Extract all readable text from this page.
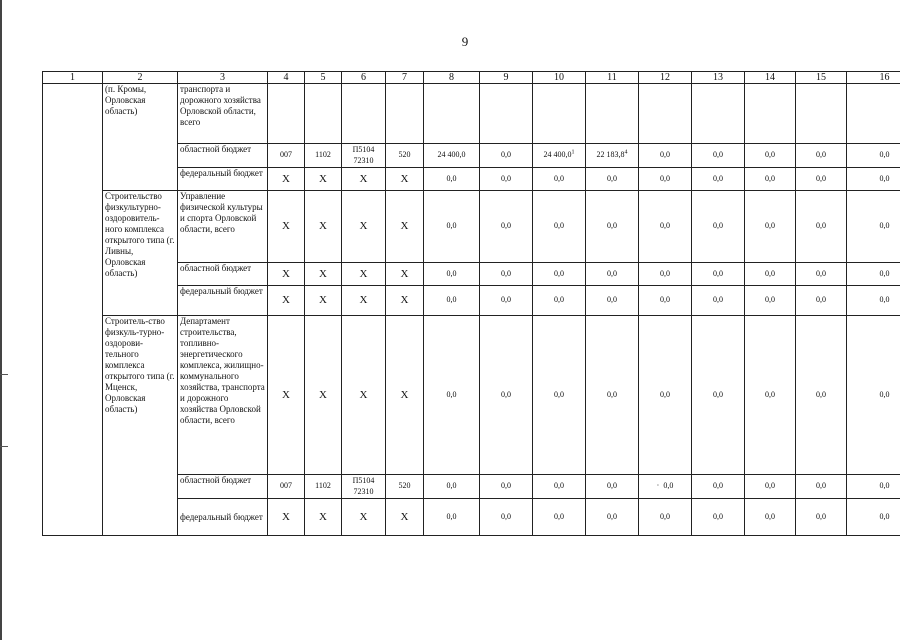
9
1	2	3	4	5	6	7	8	9	10	11	12	13	14	15	16
	(п. Кромы, Орловская область)	транспорта и дорожного хозяйства Орловской области, всего													
		областной бюджет	007	1102	П5104 72310	520	24 400,0	0,0	24 400,0$^1$	22 183,8$^4$	0,0	0,0	0,0	0,0	0,0
		федеральный бюджет	X	X	X	X	0,0	0,0	0,0	0,0	0,0	0,0	0,0	0,0	0,0
	Строительство физкультурно-оздоровитель-ного комплекса открытого типа (г. Ливны, Орловская область)	Управление физической культуры и спорта Орловской области, всего	X	X	X	X	0,0	0,0	0,0	0,0	0,0	0,0	0,0	0,0	0,0
		областной бюджет	X	X	X	X	0,0	0,0	0,0	0,0	0,0	0,0	0,0	0,0	0,0
		федеральный бюджет	X	X	X	X	0,0	0,0	0,0	0,0	0,0	0,0	0,0	0,0	0,0
	Строитель-ство физкуль-турно-оздорови-тельного комплекса открытого типа (г. Мценск, Орловская область)	Департамент строительства, топливно-энергетического комплекса, жилищно-коммунального хозяйства, транспорта и дорожного хозяйства Орловской области, всего	X	X	X	X	0,0	0,0	0,0	0,0	0,0	0,0	0,0	0,0	0,0
		областной бюджет	007	1102	П5104 72310	520	0,0	0,0	0,0	0,0	· 0,0	0,0	0,0	0,0	0,0
		федеральный бюджет	X	X	X	X	0,0	0,0	0,0	0,0	0,0	0,0	0,0	0,0	0,0
